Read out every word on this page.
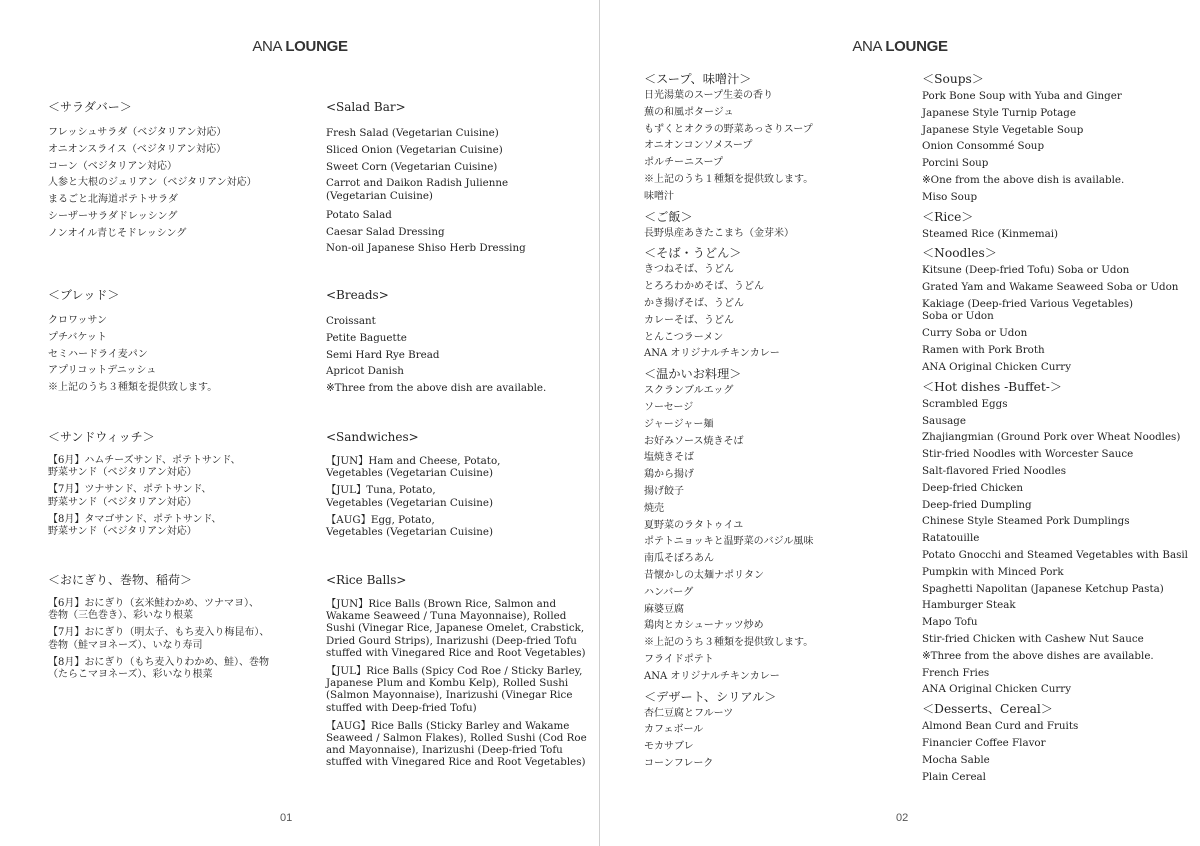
ANA LOUNGE
＜サラダバー＞
フレッシュサラダ（ベジタリアン対応）
オニオンスライス（ベジタリアン対応）
コーン（ベジタリアン対応）
人参と大根のジュリアン（ベジタリアン対応）
まるごと北海道ポテトサラダ
シーザーサラダドレッシング
ノンオイル青じそドレッシング
＜ブレッド＞
クロワッサン
プチバケット
セミハードライ麦パン
アプリコットデニッシュ
※上記のうち３種類を提供致します。
＜サンドウィッチ＞
【6月】ハムチーズサンド、ポテトサンド、
野菜サンド（ベジタリアン対応）
【7月】ツナサンド、ポテトサンド、
野菜サンド（ベジタリアン対応）
【8月】タマゴサンド、ポテトサンド、
野菜サンド（ベジタリアン対応）
＜おにぎり、巻物、稲荷＞
【6月】おにぎり（玄米鮭わかめ、ツナマヨ）、
巻物（三色巻き）、彩いなり根菜
【7月】おにぎり（明太子、もち麦入り梅昆布）、
巻物（鮭マヨネーズ）、いなり寿司
【8月】おにぎり（もち麦入りわかめ、鮭）、巻物
（たらこマヨネーズ）、彩いなり根菜
<Salad Bar>
Fresh Salad (Vegetarian Cuisine)
Sliced Onion (Vegetarian Cuisine)
Sweet Corn (Vegetarian Cuisine)
Carrot and Daikon Radish Julienne
(Vegetarian Cuisine)
Potato Salad
Caesar Salad Dressing
Non-oil Japanese Shiso Herb Dressing
<Breads>
Croissant
Petite Baguette
Semi Hard Rye Bread
Apricot Danish
※Three from the above dish are available.
<Sandwiches>
【JUN】Ham and Cheese, Potato,
Vegetables (Vegetarian Cuisine)
【JUL】Tuna, Potato,
Vegetables (Vegetarian Cuisine)
【AUG】Egg, Potato,
Vegetables (Vegetarian Cuisine)
<Rice Balls>
【JUN】Rice Balls (Brown Rice, Salmon and
Wakame Seaweed / Tuna Mayonnaise), Rolled
Sushi (Vinegar Rice, Japanese Omelet, Crabstick,
Dried Gourd Strips), Inarizushi (Deep-fried Tofu
stuffed with Vinegared Rice and Root Vegetables)
【JUL】Rice Balls (Spicy Cod Roe / Sticky Barley,
Japanese Plum and Kombu Kelp), Rolled Sushi
(Salmon Mayonnaise), Inarizushi (Vinegar Rice
stuffed with Deep-fried Tofu)
【AUG】Rice Balls (Sticky Barley and Wakame
Seaweed / Salmon Flakes), Rolled Sushi (Cod Roe
and Mayonnaise), Inarizushi (Deep-fried Tofu
stuffed with Vinegared Rice and Root Vegetables)
01
ANA LOUNGE
＜スープ、味噌汁＞
日光湯葉のスープ生姜の香り
蕪の和風ポタージュ
もずくとオクラの野菜あっさりスープ
オニオンコンソメスープ
ポルチーニスープ
※上記のうち１種類を提供致します。
味噌汁
＜ご飯＞
長野県産あきたこまち（金芽米）
＜そば・うどん＞
きつねそば、うどん
とろろわかめそば、うどん
かき揚げそば、うどん
カレーそば、うどん
とんこつラーメン
ANA オリジナルチキンカレー
＜温かいお料理＞
スクランブルエッグ
ソーセージ
ジャージャー麺
お好みソース焼きそば
塩焼きそば
鶏から揚げ
揚げ餃子
焼売
夏野菜のラタトゥイユ
ポテトニョッキと温野菜のバジル風味
南瓜そぼろあん
昔懐かしの太麺ナポリタン
ハンバーグ
麻婆豆腐
鶏肉とカシューナッツ炒め
※上記のうち３種類を提供致します。
フライドポテト
ANA オリジナルチキンカレー
＜デザート、シリアル＞
杏仁豆腐とフルーツ
カフェボール
モカサブレ
コーンフレーク
＜Soups＞
Pork Bone Soup with Yuba and Ginger
Japanese Style Turnip Potage
Japanese Style Vegetable Soup
Onion Consommé Soup
Porcini Soup
※One from the above dish is available.
Miso Soup
＜Rice＞
Steamed Rice (Kinmemai)
＜Noodles＞
Kitsune (Deep-fried Tofu) Soba or Udon
Grated Yam and Wakame Seaweed Soba or Udon
Kakiage (Deep-fried Various Vegetables)
Soba or Udon
Curry Soba or Udon
Ramen with Pork Broth
ANA Original Chicken Curry
＜Hot dishes -Buffet-＞
Scrambled Eggs
Sausage
Zhajiangmian (Ground Pork over Wheat Noodles)
Stir-fried Noodles with Worcester Sauce
Salt-flavored Fried Noodles
Deep-fried Chicken
Deep-fried Dumpling
Chinese Style Steamed Pork Dumplings
Ratatouille
Potato Gnocchi and Steamed Vegetables with Basil
Pumpkin with Minced Pork
Spaghetti Napolitan (Japanese Ketchup Pasta)
Hamburger Steak
Mapo Tofu
Stir-fried Chicken with Cashew Nut Sauce
※Three from the above dishes are available.
French Fries
ANA Original Chicken Curry
＜Desserts、Cereal＞
Almond Bean Curd and Fruits
Financier Coffee Flavor
Mocha Sable
Plain Cereal
02
